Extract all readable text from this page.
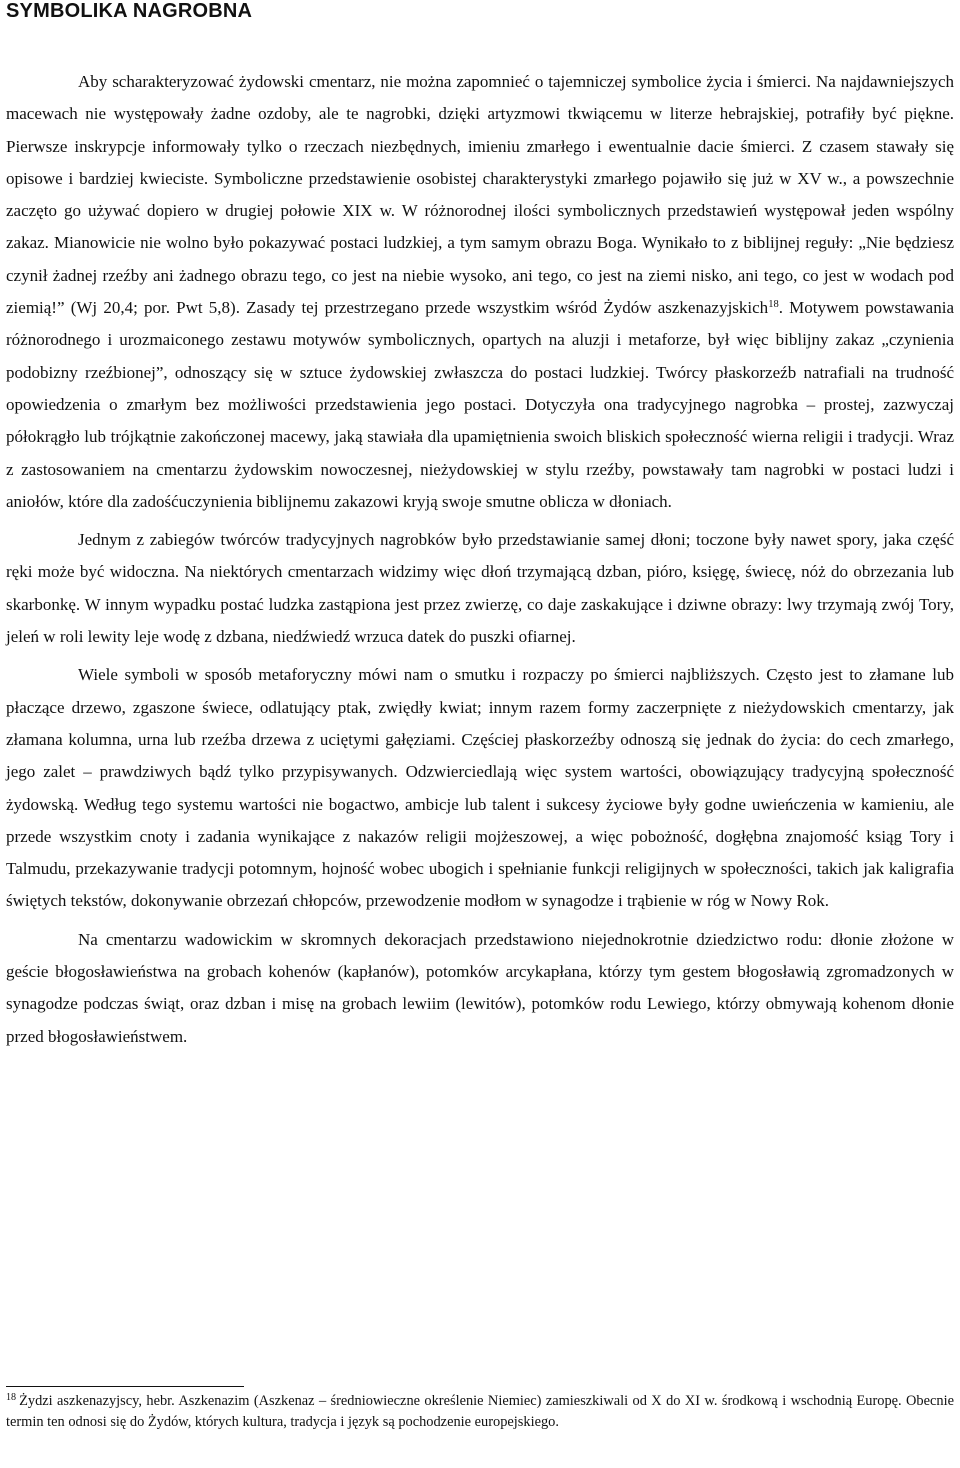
SYMBOLIKA NAGROBNA

Aby scharakteryzować żydowski cmentarz, nie można zapomnieć o tajemniczej symbolice życia i śmierci. Na najdawniejszych macewach nie występowały żadne ozdoby, ale te nagrobki, dzięki artyzmowi tkwiącemu w literze hebrajskiej, potrafiły być piękne. Pierwsze inskrypcje informowały tylko o rzeczach niezbędnych, imieniu zmarłego i ewentualnie dacie śmierci. Z czasem stawały się opisowe i bardziej kwieciste. Symboliczne przedstawienie osobistej charakterystyki zmarłego pojawiło się już w XV w., a powszechnie zaczęto go używać dopiero w drugiej połowie XIX w. W różnorodnej ilości symbolicznych przedstawień występował jeden wspólny zakaz. Mianowicie nie wolno było pokazywać postaci ludzkiej, a tym samym obrazu Boga. Wynikało to z biblijnej reguły: „Nie będziesz czynił żadnej rzeźby ani żadnego obrazu tego, co jest na niebie wysoko, ani tego, co jest na ziemi nisko, ani tego, co jest w wodach pod ziemią!” (Wj 20,4; por. Pwt 5,8). Zasady tej przestrzegano przede wszystkim wśród Żydów aszkenazyjskich$^{18}$. Motywem powstawania różnorodnego i urozmaiconego zestawu motywów symbolicznych, opartych na aluzji i metaforze, był więc biblijny zakaz „czynienia podobizny rzeźbionej”, odnoszący się w sztuce żydowskiej zwłaszcza do postaci ludzkiej. Twórcy płaskorzeźb natrafiali na trudność opowiedzenia o zmarłym bez możliwości przedstawienia jego postaci. Dotyczyła ona tradycyjnego nagrobka – prostej, zazwyczaj półokrągło lub trójkątnie zakończonej macewy, jaką stawiała dla upamiętnienia swoich bliskich społeczność wierna religii i tradycji. Wraz z zastosowaniem na cmentarzu żydowskim nowoczesnej, nieżydowskiej w stylu rzeźby, powstawały tam nagrobki w postaci ludzi i aniołów, które dla zadośćuczynienia biblijnemu zakazowi kryją swoje smutne oblicza w dłoniach.

Jednym z zabiegów twórców tradycyjnych nagrobków było przedstawianie samej dłoni; toczone były nawet spory, jaka część ręki może być widoczna. Na niektórych cmentarzach widzimy więc dłoń trzymającą dzban, pióro, księgę, świecę, nóż do obrzezania lub skarbonkę. W innym wypadku postać ludzka zastąpiona jest przez zwierzę, co daje zaskakujące i dziwne obrazy: lwy trzymają zwój Tory, jeleń w roli lewity leje wodę z dzbana, niedźwiedź wrzuca datek do puszki ofiarnej.

Wiele symboli w sposób metaforyczny mówi nam o smutku i rozpaczy po śmierci najbliższych. Często jest to złamane lub płaczące drzewo, zgaszone świece, odlatujący ptak, zwiędły kwiat; innym razem formy zaczerpnięte z nieżydowskich cmentarzy, jak złamana kolumna, urna lub rzeźba drzewa z uciętymi gałęziami. Częściej płaskorzeźby odnoszą się jednak do życia: do cech zmarłego, jego zalet – prawdziwych bądź tylko przypisywanych. Odzwierciedlają więc system wartości, obowiązujący tradycyjną społeczność żydowską. Według tego systemu wartości nie bogactwo, ambicje lub talent i sukcesy życiowe były godne uwieńczenia w kamieniu, ale przede wszystkim cnoty i zadania wynikające z nakazów religii mojżeszowej, a więc pobożność, dogłębna znajomość ksiąg Tory i Talmudu, przekazywanie tradycji potomnym, hojność wobec ubogich i spełnianie funkcji religijnych w społeczności, takich jak kaligrafia świętych tekstów, dokonywanie obrzezań chłopców, przewodzenie modłom w synagodze i trąbienie w róg w Nowy Rok.

Na cmentarzu wadowickim w skromnych dekoracjach przedstawiono niejednokrotnie dziedzictwo rodu: dłonie złożone w geście błogosławieństwa na grobach kohenów (kapłanów), potomków arcykapłana, którzy tym gestem błogosławią zgromadzonych w synagodze podczas świąt, oraz dzban i misę na grobach lewiim (lewitów), potomków rodu Lewiego, którzy obmywają kohenom dłonie przed błogosławieństwem.

$^{18}$ Żydzi aszkenazyjscy, hebr. Aszkenazim (Aszkenaz – średniowieczne określenie Niemiec) zamieszkiwali od X do XI w. środkową i wschodnią Europę. Obecnie termin ten odnosi się do Żydów, których kultura, tradycja i język są pochodzenie europejskiego.
